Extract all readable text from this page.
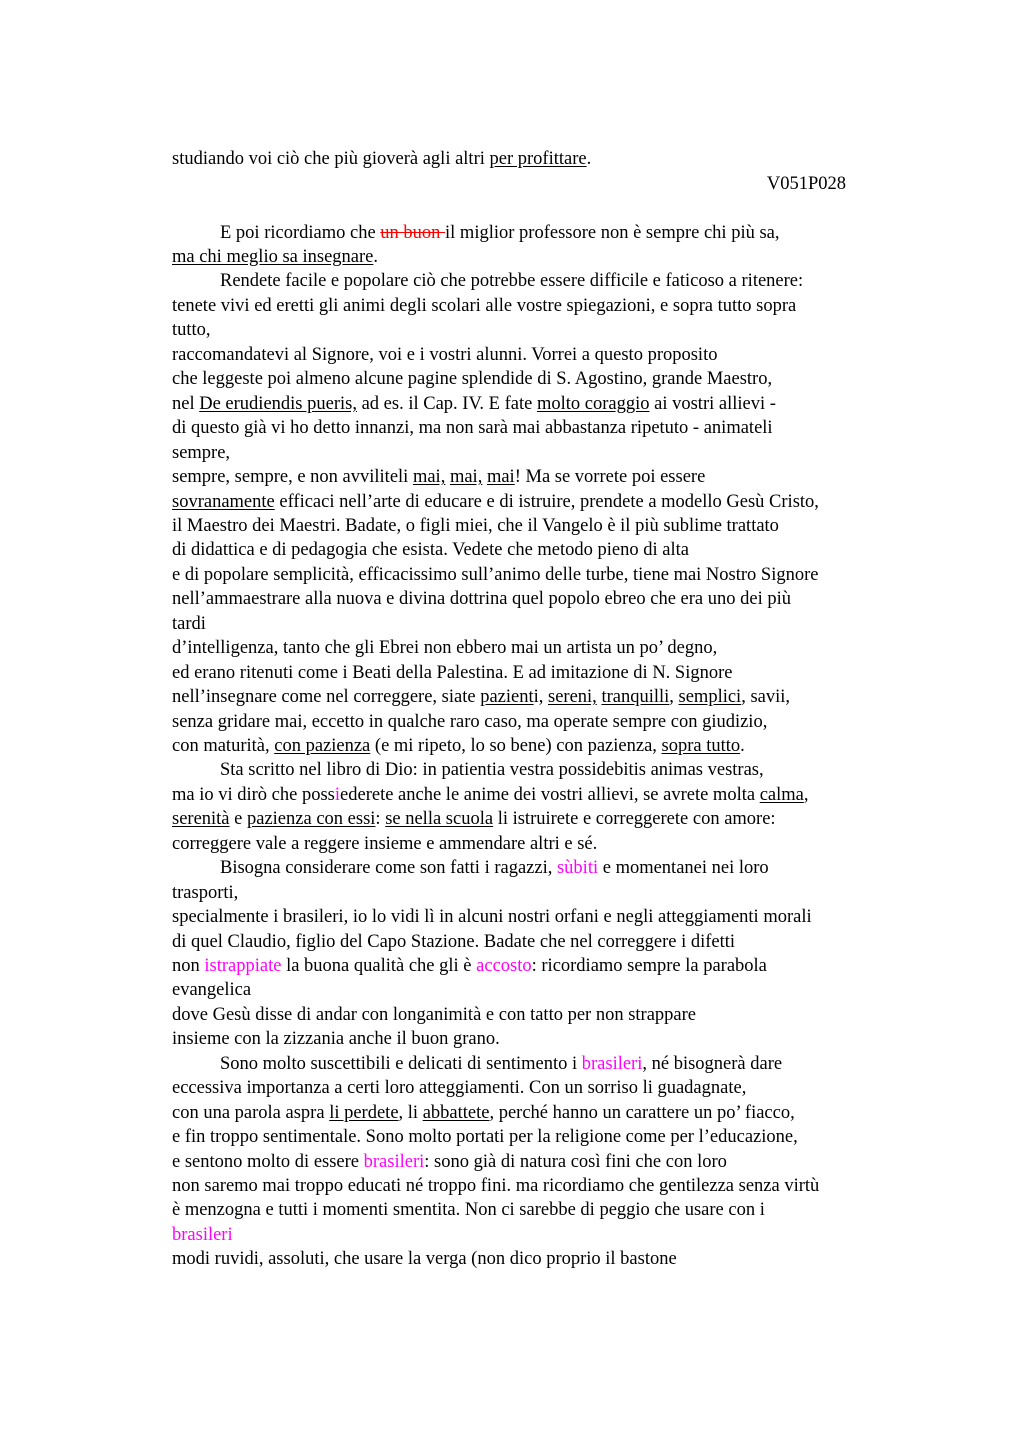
studiando voi ciò che più gioverà agli altri per profittare.
V051P028
E poi ricordiamo che un buon il miglior professore non è sempre chi più sa,
ma chi meglio sa insegnare.
Rendete facile e popolare ciò che potrebbe essere difficile e faticoso a ritenere:
tenete vivi ed eretti gli animi degli scolari alle vostre spiegazioni, e sopra tutto sopra
tutto,
raccomandatevi al Signore, voi e i vostri alunni. Vorrei a questo proposito
che leggeste poi almeno alcune pagine splendide di S. Agostino, grande Maestro,
nel De erudiendis pueris, ad es. il Cap. IV. E fate molto coraggio ai vostri allievi -
di questo già vi ho detto innanzi, ma non sarà mai abbastanza ripetuto - animateli
sempre,
sempre, sempre, e non avviliteli mai, mai, mai! Ma se vorrete poi essere
sovranamente efficaci nell’arte di educare e di istruire, prendete a modello Gesù Cristo,
il Maestro dei Maestri. Badate, o figli miei, che il Vangelo è il più sublime trattato
di didattica e di pedagogia che esista. Vedete che metodo pieno di alta
e di popolare semplicità, efficacissimo sull’animo delle turbe, tiene mai Nostro Signore
nell’ammaestrare alla nuova e divina dottrina quel popolo ebreo che era uno dei più
tardi
d’intelligenza, tanto che gli Ebrei non ebbero mai un artista un po’ degno,
ed erano ritenuti come i Beati della Palestina. E ad imitazione di N. Signore
nell’insegnare come nel correggere, siate pazienti, sereni, tranquilli, semplici, savii,
senza gridare mai, eccetto in qualche raro caso, ma operate sempre con giudizio,
con maturità, con pazienza (e mi ripeto, lo so bene) con pazienza, sopra tutto.
Sta scritto nel libro di Dio: in patientia vestra possidebitis animas vestras,
ma io vi dirò che possiederete anche le anime dei vostri allievi, se avrete molta calma,
serenità e pazienza con essi: se nella scuola li istruirete e correggerete con amore:
correggere vale a reggere insieme e ammendare altri e sé.
Bisogna considerare come son fatti i ragazzi, sùbiti e momentanei nei loro
trasporti,
specialmente i brasileri, io lo vidi lì in alcuni nostri orfani e negli atteggiamenti morali
di quel Claudio, figlio del Capo Stazione. Badate che nel correggere i difetti
non istrappiate la buona qualità che gli è accosto: ricordiamo sempre la parabola
evangelica
dove Gesù disse di andar con longanimità e con tatto per non strappare
insieme con la zizzania anche il buon grano.
Sono molto suscettibili e delicati di sentimento i brasileri, né bisognerà dare
eccessiva importanza a certi loro atteggiamenti. Con un sorriso li guadagnate,
con una parola aspra li perdete, li abbattete, perché hanno un carattere un po’ fiacco,
e fin troppo sentimentale. Sono molto portati per la religione come per l’educazione,
e sentono molto di essere brasileri: sono già di natura così fini che con loro
non saremo mai troppo educati né troppo fini. ma ricordiamo che gentilezza senza virtù
è menzogna e tutti i momenti smentita. Non ci sarebbe di peggio che usare con i
brasileri
modi ruvidi, assoluti, che usare la verga (non dico proprio il bastone
